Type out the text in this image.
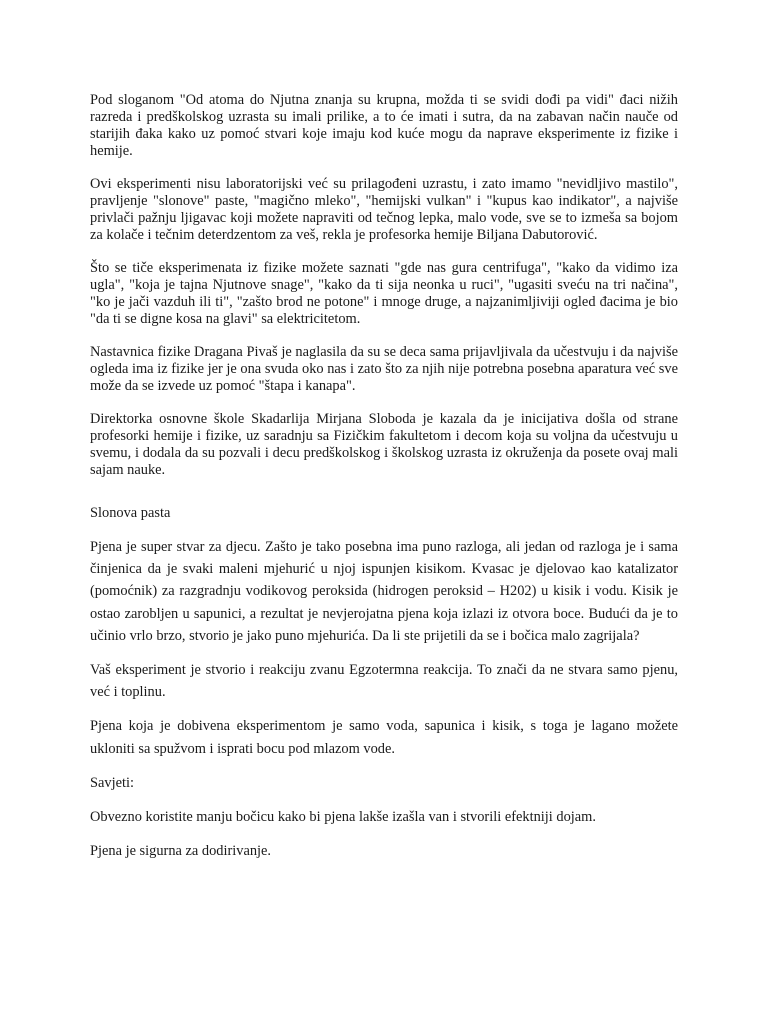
Pod sloganom "Od atoma do Njutna znanja su krupna, možda ti se svidi dođi pa vidi" đaci nižih razreda i predškolskog uzrasta su imali prilike, a to će imati i sutra, da na zabavan način nauče od starijih đaka kako uz pomoć stvari koje imaju kod kuće mogu da naprave eksperimente iz fizike i hemije.

Ovi eksperimenti nisu laboratorijski već su prilagođeni uzrastu, i zato imamo "nevidljivo mastilo", pravljenje "slonove" paste, "magično mleko", "hemijski vulkan" i "kupus kao indikator", a najviše privlači pažnju ljigavac koji možete napraviti od tečnog lepka, malo vode, sve se to izmeša sa bojom za kolače i tečnim deterdzentom za veš, rekla je profesorka hemije Biljana Dabutorović.

Što se tiče eksperimenata iz fizike možete saznati "gde nas gura centrifuga", "kako da vidimo iza ugla", "koja je tajna Njutnove snage", "kako da ti sija neonka u ruci", "ugasiti sveću na tri načina", "ko je jači vazduh ili ti", "zašto brod ne potone" i mnoge druge, a najzanimljiviji ogled đacima je bio "da ti se digne kosa na glavi" sa elektricitetom.

Nastavnica fizike Dragana Pivaš je naglasila da su se deca sama prijavljivala da učestvuju i da najviše ogleda ima iz fizike jer je ona svuda oko nas i zato što za njih nije potrebna posebna aparatura već sve može da se izvede uz pomoć "štapa i kanapa".

Direktorka osnovne škole Skadarlija Mirjana Sloboda je kazala da je inicijativa došla od strane profesorki hemije i fizike, uz saradnju sa Fizičkim fakultetom i decom koja su voljna da učestvuju u svemu, i dodala da su pozvali i decu predškolskog i školskog uzrasta iz okruženja da posete ovaj mali sajam nauke.

Slonova pasta

Pjena je super stvar za djecu. Zašto je tako posebna ima puno razloga, ali jedan od razloga je i sama činjenica da je svaki maleni mjehurić u njoj ispunjen kisikom. Kvasac je djelovao kao katalizator (pomoćnik) za razgradnju vodikovog peroksida (hidrogen peroksid – H202) u kisik i vodu. Kisik je ostao zarobljen u sapunici, a rezultat je nevjerojatna pjena koja izlazi iz otvora boce. Budući da je to učinio vrlo brzo, stvorio je jako puno mjehurića. Da li ste prijetili da se i bočica malo zagrijala?

Vaš eksperiment je stvorio i reakciju zvanu Egzotermna reakcija. To znači da ne stvara samo pjenu, već i toplinu.

Pjena koja je dobivena eksperimentom je samo voda, sapunica i kisik, s toga je lagano možete ukloniti sa spužvom i isprati bocu pod mlazom vode.

Savjeti:

Obvezno koristite manju bočicu kako bi pjena lakše izašla van i stvorili efektniji dojam.

Pjena je sigurna za dodirivanje.
